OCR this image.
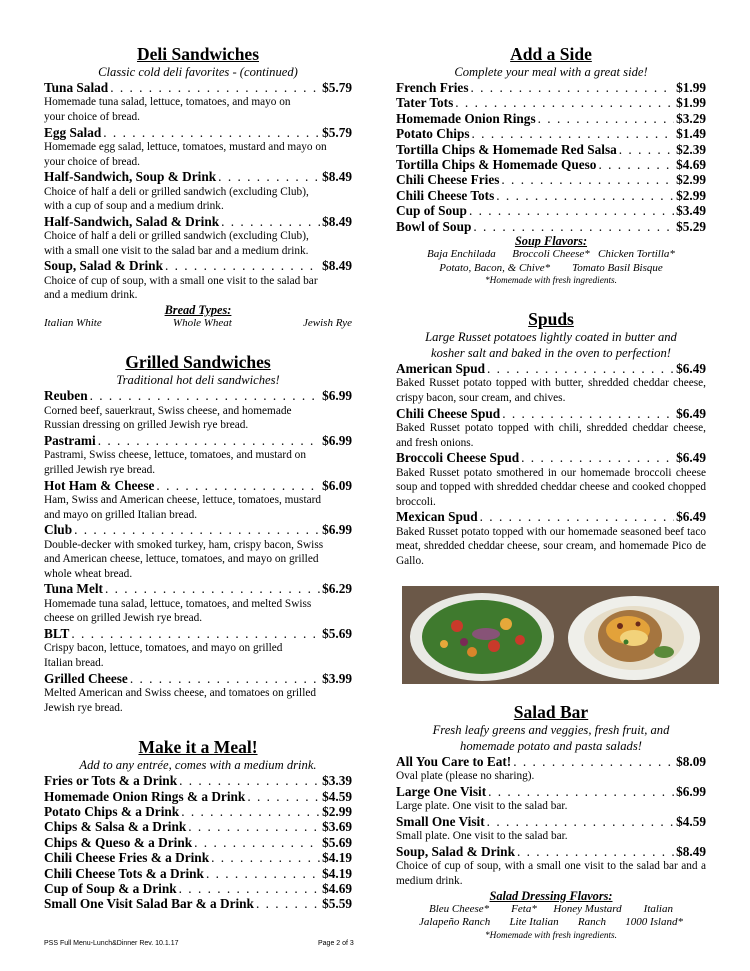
Deli Sandwiches
Classic cold deli favorites - (continued)
Tuna Salad . . .	$5.79
Homemade tuna salad, lettuce, tomatoes, and mayo on
your choice of bread.
Egg Salad . . .	$5.79
Homemade egg salad, lettuce, tomatoes, mustard and mayo on
your choice of bread.
Half-Sandwich, Soup & Drink . . .	$8.49
Choice of half a deli or grilled sandwich (excluding Club),
with a cup of soup and a medium drink.
Half-Sandwich, Salad & Drink . . .	$8.49
Choice of half a deli or grilled sandwich (excluding Club),
with a small one visit to the salad bar and a medium drink.
Soup, Salad & Drink . . .	$8.49
Choice of cup of soup, with a small one visit to the salad bar
and a medium drink.
Bread Types:
Italian White	Whole Wheat	Jewish Rye
Grilled Sandwiches
Traditional hot deli sandwiches!
Reuben . . .	$6.99
Corned beef, sauerkraut, Swiss cheese, and homemade
Russian dressing on grilled Jewish rye bread.
Pastrami . . .	$6.99
Pastrami, Swiss cheese, lettuce, tomatoes, and mustard on
grilled Jewish rye bread.
Hot Ham & Cheese . . .	$6.09
Ham, Swiss and American cheese, lettuce, tomatoes, mustard
and mayo on grilled Italian bread.
Club . . .	$6.99
Double-decker with smoked turkey, ham, crispy bacon, Swiss
and American cheese, lettuce, tomatoes, and mayo on grilled
whole wheat bread.
Tuna Melt . . .	$6.29
Homemade tuna salad, lettuce, tomatoes, and melted Swiss
cheese on grilled Jewish rye bread.
BLT . . .	$5.69
Crispy bacon, lettuce, tomatoes, and mayo on grilled
Italian bread.
Grilled Cheese . . .	$3.99
Melted American and Swiss cheese, and tomatoes on grilled
Jewish rye bread.
Make it a Meal!
Add to any entrée, comes with a medium drink.
Fries or Tots & a Drink . . .	$3.39
Homemade Onion Rings & a Drink . . .	$4.59
Potato Chips & a Drink . . .	$2.99
Chips & Salsa & a Drink . . .	$3.69
Chips & Queso & a Drink . . .	$5.69
Chili Cheese Fries & a Drink . . .	$4.19
Chili Cheese Tots & a Drink . . .	$4.19
Cup of Soup & a Drink . . .	$4.69
Small One Visit Salad Bar & a Drink . . .	$5.59
Add a Side
Complete your meal with a great side!
French Fries . . .	$1.99
Tater Tots . . .	$1.99
Homemade Onion Rings . . .	$3.29
Potato Chips . . .	$1.49
Tortilla Chips & Homemade Red Salsa . . .	$2.39
Tortilla Chips & Homemade Queso . . .	$4.69
Chili Cheese Fries . . .	$2.99
Chili Cheese Tots . . .	$2.99
Cup of Soup . . .	$3.49
Bowl of Soup . . .	$5.29
Soup Flavors:
Baja Enchilada      Broccoli Cheese*   Chicken Tortilla*
Potato, Bacon, & Chive*        Tomato Basil Bisque
*Homemade with fresh ingredients.
Spuds
Large Russet potatoes lightly coated in butter and
kosher salt and baked in the oven to perfection!
American Spud . . .	$6.49
Baked Russet potato topped with butter, shredded cheddar cheese, crispy bacon, sour cream, and chives.
Chili Cheese Spud . . .	$6.49
Baked Russet potato topped with chili, shredded cheddar cheese, and fresh onions.
Broccoli Cheese Spud . . .	$6.49
Baked Russet potato smothered in our homemade broccoli cheese soup and topped with shredded cheddar cheese and cooked chopped broccoli.
Mexican Spud . . .	$6.49
Baked Russet potato topped with our homemade seasoned beef taco meat, shredded cheddar cheese, sour cream, and homemade Pico de Gallo.
Salad Bar
Fresh leafy greens and veggies, fresh fruit, and
homemade potato and pasta salads!
All You Care to Eat! . . .	$8.09
Oval plate (please no sharing).
Large One Visit . . .	$6.99
Large plate. One visit to the salad bar.
Small One Visit . . .	$4.59
Small plate. One visit to the salad bar.
Soup, Salad & Drink . . .	$8.49
Choice of cup of soup, with a small one visit to the salad bar and a medium drink.
Salad Dressing Flavors:
Bleu Cheese*        Feta*      Honey Mustard        Italian
Jalapeño Ranch       Lite Italian       Ranch       1000 Island*
*Homemade with fresh ingredients.
PSS Full Menu-Lunch&Dinner Rev. 10.1.17	Page 2 of 3
